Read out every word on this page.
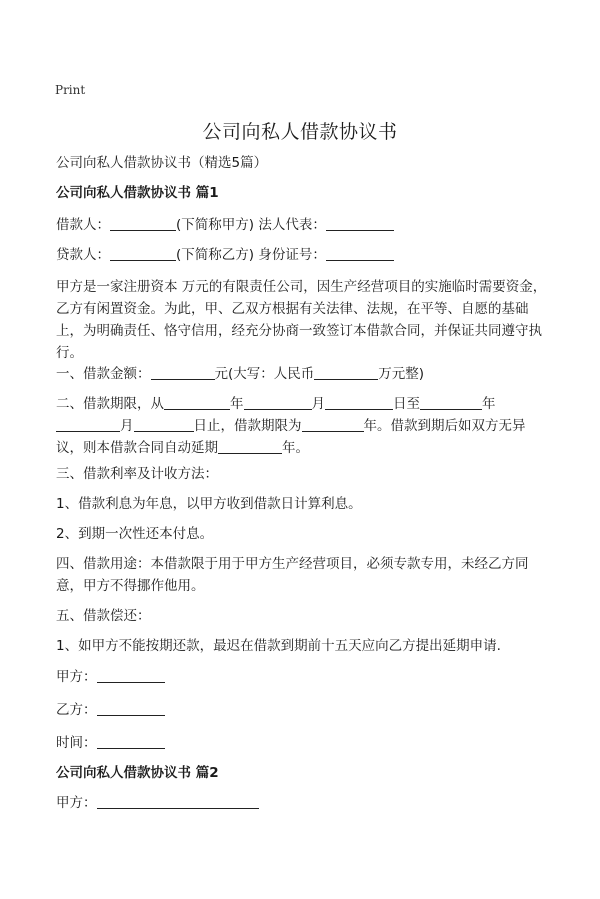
Print
公司向私人借款协议书
公司向私人借款协议书（精选5篇）
公司向私人借款协议书 篇1
借款人：	(下简称甲方) 法人代表：
贷款人：	(下简称乙方) 身份证号：
甲方是一家注册资本 万元的有限责任公司，因生产经营项目的实施临时需要资金，乙方有闲置资金。为此，甲、乙双方根据有关法律、法规，在平等、自愿的基础上，为明确责任、恪守信用，经充分协商一致签订本借款合同，并保证共同遵守执行。
一、借款金额：	元(大写：人民币	万元整)
二、借款期限，从	年	月	日至	年
月	日止，借款期限为	年。借款到期后如双方无异
议，则本借款合同自动延期	年。
三、借款利率及计收方法：
1、借款利息为年息，以甲方收到借款日计算利息。
2、到期一次性还本付息。
四、借款用途：本借款限于用于甲方生产经营项目，必须专款专用，未经乙方同意，甲方不得挪作他用。
五、借款偿还：
1、如甲方不能按期还款，最迟在借款到期前十五天应向乙方提出延期申请.
甲方：
乙方：
时间：
公司向私人借款协议书 篇2
甲方：
